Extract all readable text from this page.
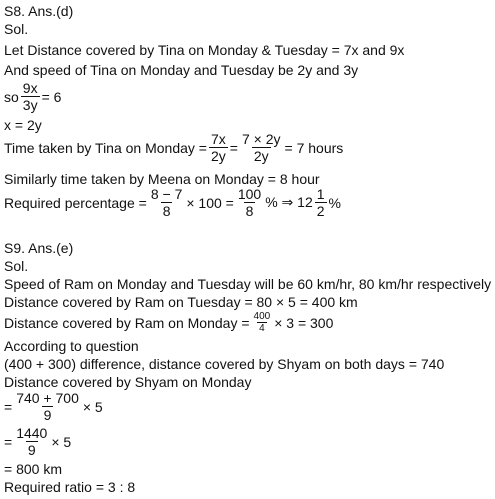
S8. Ans.(d)
Sol.
Let Distance covered by Tina on Monday & Tuesday = 7x and 9x
And speed of Tina on Monday and Tuesday be 2y and 3y
so $\frac{9x}{3y} = 6$
x = 2y
Time taken by Tina on Monday = $\frac{7x}{2y} = \frac{7 \times 2y}{2y} = 7$ hours
Similarly time taken by Meena on Monday = 8 hour
Required percentage = $\frac{8 - 7}{8} \times 100 = \frac{100}{8}$ % ⇒ $12 \frac{1}{2}$ %
S9. Ans.(e)
Sol.
Speed of Ram on Monday and Tuesday will be 60 km/hr, 80 km/hr respectively
Distance covered by Ram on Tuesday = 80 × 5 = 400 km
Distance covered by Ram on Monday = $\frac{400}{4} \times 3 = 300$
According to question
(400 + 300) difference, distance covered by Shyam on both days = 740
Distance covered by Shyam on Monday
= $\frac{740 + 700}{9} \times 5$
= $\frac{1440}{9} \times 5$
= 800 km
Required ratio = 3 : 8
